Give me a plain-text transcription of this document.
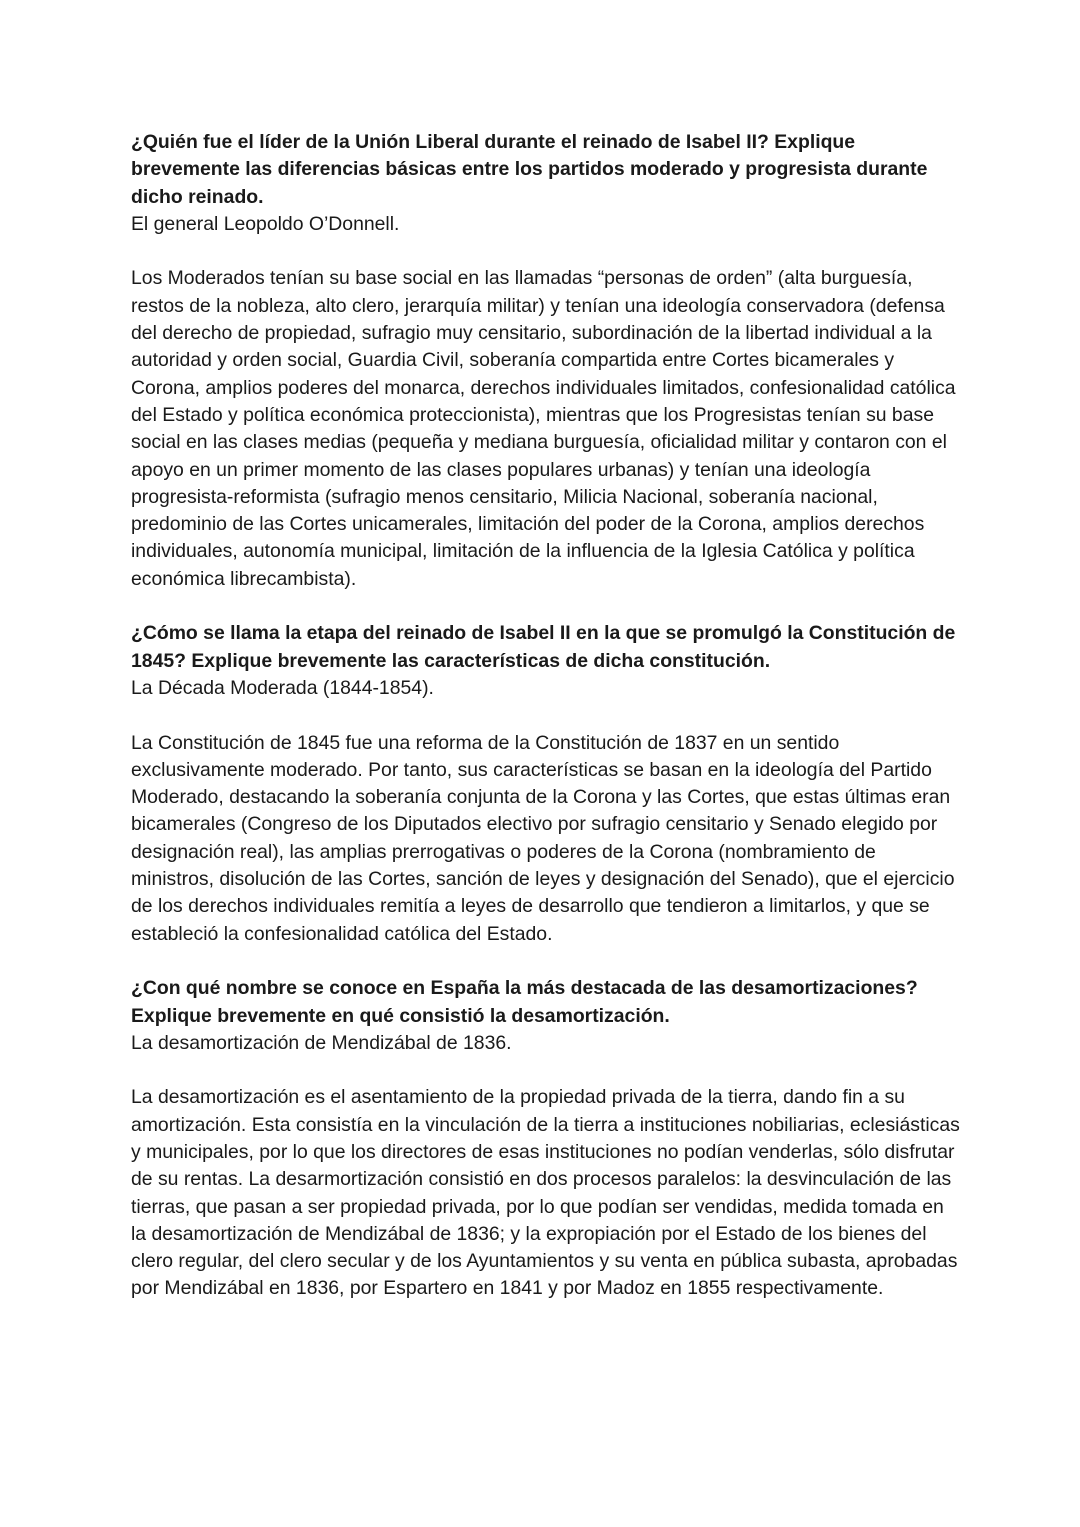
¿Quién fue el líder de la Unión Liberal durante el reinado de Isabel II? Explique brevemente las diferencias básicas entre los partidos moderado y progresista durante dicho reinado.

El general Leopoldo O’Donnell.

Los Moderados tenían su base social en las llamadas “personas de orden” (alta burguesía, restos de la nobleza, alto clero, jerarquía militar) y tenían una ideología conservadora (defensa del derecho de propiedad, sufragio muy censitario, subordinación de la libertad individual a la autoridad y orden social, Guardia Civil, soberanía compartida entre Cortes bicamerales y Corona, amplios poderes del monarca, derechos individuales limitados, confesionalidad católica del Estado y política económica proteccionista), mientras que los Progresistas tenían su base social en las clases medias (pequeña y mediana burguesía, oficialidad militar y contaron con el apoyo en un primer momento de las clases populares urbanas) y tenían una ideología progresista-reformista (sufragio menos censitario, Milicia Nacional, soberanía nacional, predominio de las Cortes unicamerales, limitación del poder de la Corona, amplios derechos individuales, autonomía municipal, limitación de la influencia de la Iglesia Católica y política económica librecambista).

¿Cómo se llama la etapa del reinado de Isabel II en la que se promulgó la Constitución de 1845? Explique brevemente las características de dicha constitución.

La Década Moderada (1844-1854).

La Constitución de 1845 fue una reforma de la Constitución de 1837 en un sentido exclusivamente moderado. Por tanto, sus características se basan en la ideología del Partido Moderado, destacando la soberanía conjunta de la Corona y las Cortes, que estas últimas eran bicamerales (Congreso de los Diputados electivo por sufragio censitario y Senado elegido por designación real), las amplias prerrogativas o poderes de la Corona (nombramiento de ministros, disolución de las Cortes, sanción de leyes y designación del Senado), que el ejercicio de los derechos individuales remitía a leyes de desarrollo que tendieron a limitarlos, y que se estableció la confesionalidad católica del Estado.

¿Con qué nombre se conoce en España la más destacada de las desamortizaciones? Explique brevemente en qué consistió la desamortización.

La desamortización de Mendizábal de 1836.

La desamortización es el asentamiento de la propiedad privada de la tierra, dando fin a su amortización. Esta consistía en la vinculación de la tierra a instituciones nobiliarias, eclesiásticas y municipales, por lo que los directores de esas instituciones no podían venderlas, sólo disfrutar de su rentas. La desarmortización consistió en dos procesos paralelos: la desvinculación de las tierras, que pasan a ser propiedad privada, por lo que podían ser vendidas, medida tomada en la desamortización de Mendizábal de 1836; y la expropiación por el Estado de los bienes del clero regular, del clero secular y de los Ayuntamientos y su venta en pública subasta, aprobadas por Mendizábal en 1836, por Espartero en 1841 y por Madoz en 1855 respectivamente.
